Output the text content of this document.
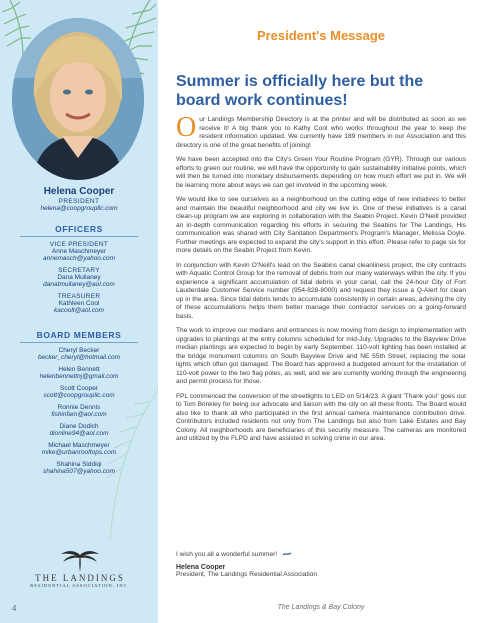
Helena Cooper
PRESIDENT
helena@coopgroupllc.com
OFFICERS
VICE PRESIDENT
Anne Maschmeyer
annemasch@yahoo.com
SECRETARY
Dana Mullaney
danatmullaney@aol.com
TREASURER
Kathleen Cool
kacoolt@aol.com
BOARD MEMBERS
Cheryl Becker
becker_cheryl@hotmail.com
Helen Bennett
helenbennettnj@gmail.com
Scott Cooper
scott@coopgroupllc.com
Ronnie Dennis
fishinfam@aol.com
Diane Dodich
dionline94@aol.com
Michael Maschmeyer
mike@urbanrooftops.com
Shahina Siddiqi
shahina507@yahoo.com
THE LANDINGS
RESIDENTIAL ASSOCIATION, INC.
4
President's Message
Summer is officially here but the board work continues!

Our Landings Membership Directory is at the printer and will be distributed as soon as we receive it! A big thank you to Kathy Cool who works throughout the year to keep the resident information updated. We currently have 189 members in our Association and this directory is one of the great benefits of joining!

We have been accepted into the City's Green Your Routine Program (GYR). Through our various efforts to green our routine, we will have the opportunity to gain sustainability initiative points, which will then be turned into monetary disbursements depending on how much effort we put in. We will be learning more about ways we can get involved in the upcoming week.

We would like to see ourselves as a neighborhood on the cutting edge of new initiatives to better and maintain the beautiful neighborhood and city we live in. One of these initiatives is a canal clean-up program we are exploring in collaboration with the Seabin Project. Kevin O'Neill provided an in-depth communication regarding his efforts in securing the Seabins for The Landings. His communication was shared with City Sanitation Department's Program's Manager, Melissa Doyle. Further meetings are expected to expand the city's support in this effort. Please refer to page six for more details on the Seabin Project from Kevin.

In conjunction with Kevin O'Neill's lead on the Seabins canal cleanliness project, the city contracts with Aquatic Control Group for the removal of debris from our many waterways within the city. If you experience a significant accumulation of tidal debris in your canal, call the 24-hour City of Fort Lauderdale Customer Service number (954-828-8000) and request they issue a Q-Alert for clean up in the area. Since tidal debris tends to accumulate consistently in certain areas, advising the city of these accumulations helps them better manage their contractor services on a going-forward basis.

The work to improve our medians and entrances is now moving from design to implementation with upgrades to plantings at the entry columns scheduled for mid-July. Upgrades to the Bayview Drive median plantings are expected to begin by early September. 110-volt lighting has been installed at the bridge monument columns on South Bayview Drive and NE 55th Street, replacing the solar lights which often got damaged. The Board has approved a budgeted amount for the installation of 110-volt power to the two flag poles, as well, and we are currently working through the engineering and permit process for those.

FPL commenced the conversion of the streetlights to LED on 5/14/23. A giant 'Thank you!' goes out to Tom Brinkley for being our advocate and liaison with the city on all these fronts. The Board would also like to thank all who participated in the first annual camera maintenance contribution drive. Contributors included residents not only from The Landings but also from Lake Estates and Bay Colony. All neighborhoods are beneficiaries of this security measure. The cameras are monitored and utilized by the FLPD and have assisted in solving crime in our area.

I wish you all a wonderful summer!
Helena Cooper
President, The Landings Residential Association
The Landings & Bay Colony
